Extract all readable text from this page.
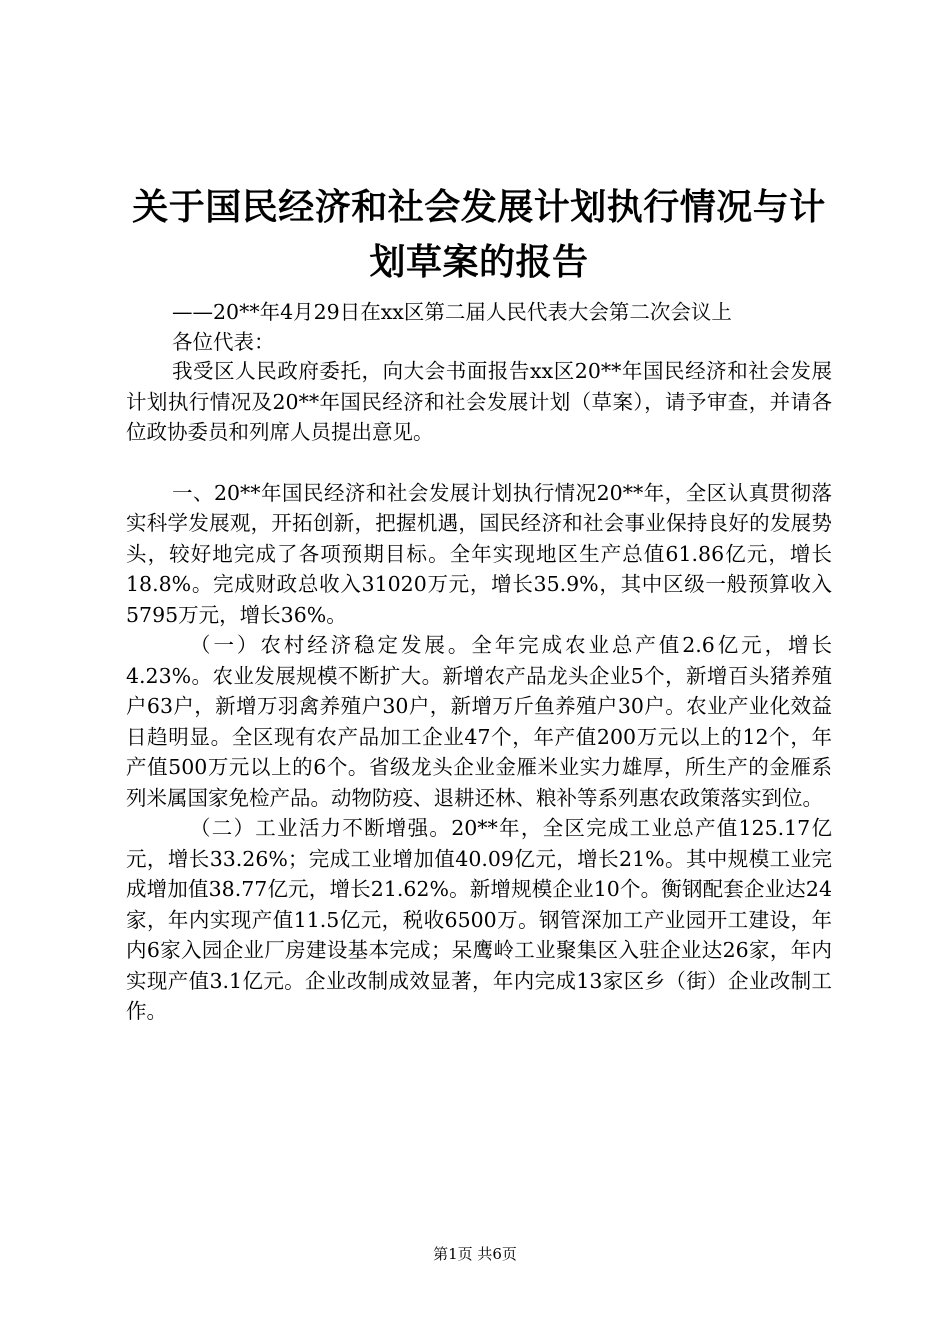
关于国民经济和社会发展计划执行情况与计划草案的报告

——20**年4月29日在xx区第二届人民代表大会第二次会议上

各位代表：

我受区人民政府委托，向大会书面报告xx区20**年国民经济和社会发展计划执行情况及20**年国民经济和社会发展计划（草案），请予审查，并请各位政协委员和列席人员提出意见。

一、20**年国民经济和社会发展计划执行情况20**年，全区认真贯彻落实科学发展观，开拓创新，把握机遇，国民经济和社会事业保持良好的发展势头，较好地完成了各项预期目标。全年实现地区生产总值61.86亿元，增长18.8%。完成财政总收入31020万元，增长35.9%，其中区级一般预算收入5795万元，增长36%。

（一）农村经济稳定发展。全年完成农业总产值2.6亿元，增长4.23%。农业发展规模不断扩大。新增农产品龙头企业5个，新增百头猪养殖户63户，新增万羽禽养殖户30户，新增万斤鱼养殖户30户。农业产业化效益日趋明显。全区现有农产品加工企业47个，年产值200万元以上的12个，年产值500万元以上的6个。省级龙头企业金雁米业实力雄厚，所生产的金雁系列米属国家免检产品。动物防疫、退耕还林、粮补等系列惠农政策落实到位。

（二）工业活力不断增强。20**年，全区完成工业总产值125.17亿元，增长33.26%；完成工业增加值40.09亿元，增长21%。其中规模工业完成增加值38.77亿元，增长21.62%。新增规模企业10个。衡钢配套企业达24家，年内实现产值11.5亿元，税收6500万。钢管深加工产业园开工建设，年内6家入园企业厂房建设基本完成；呆鹰岭工业聚集区入驻企业达26家，年内实现产值3.1亿元。企业改制成效显著，年内完成13家区乡（街）企业改制工作。

第1页 共6页
